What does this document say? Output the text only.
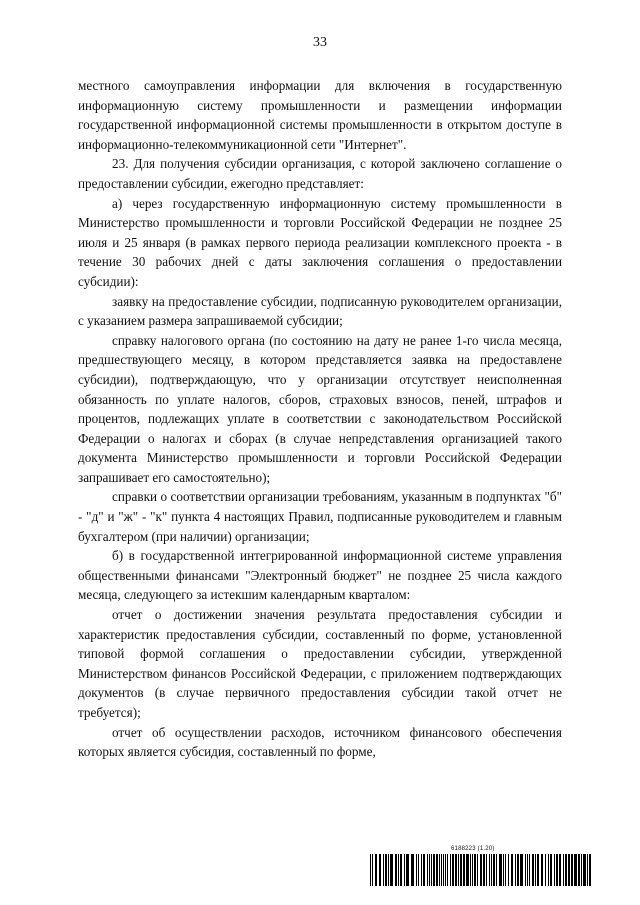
33

местного самоуправления информации для включения в государственную информационную систему промышленности и размещении информации государственной информационной системы промышленности в открытом доступе в информационно-телекоммуникационной сети "Интернет".

23. Для получения субсидии организация, с которой заключено соглашение о предоставлении субсидии, ежегодно представляет:

а) через государственную информационную систему промышленности в Министерство промышленности и торговли Российской Федерации не позднее 25 июля и 25 января (в рамках первого периода реализации комплексного проекта - в течение 30 рабочих дней с даты заключения соглашения о предоставлении субсидии):

заявку на предоставление субсидии, подписанную руководителем организации, с указанием размера запрашиваемой субсидии;

справку налогового органа (по состоянию на дату не ранее 1-го числа месяца, предшествующего месяцу, в котором представляется заявка на предоставлене субсидии), подтверждающую, что у организации отсутствует неисполненная обязанность по уплате налогов, сборов, страховых взносов, пеней, штрафов и процентов, подлежащих уплате в соответствии с законодательством Российской Федерации о налогах и сборах (в случае непредставления организацией такого документа Министерство промышленности и торговли Российской Федерации запрашивает его самостоятельно);

справки о соответствии организации требованиям, указанным в подпунктах "б" - "д" и "ж" - "к" пункта 4 настоящих Правил, подписанные руководителем и главным бухгалтером (при наличии) организации;

б) в государственной интегрированной информационной системе управления общественными финансами "Электронный бюджет" не позднее 25 числа каждого месяца, следующего за истекшим календарным кварталом:

отчет о достижении значения результата предоставления субсидии и характеристик предоставления субсидии, составленный по форме, установленной типовой формой соглашения о предоставлении субсидии, утвержденной Министерством финансов Российской Федерации, с приложением подтверждающих документов (в случае первичного предоставления субсидии такой отчет не требуется);

отчет об осуществлении расходов, источником финансового обеспечения которых является субсидия, составленный по форме,

6188223 (1.20)
